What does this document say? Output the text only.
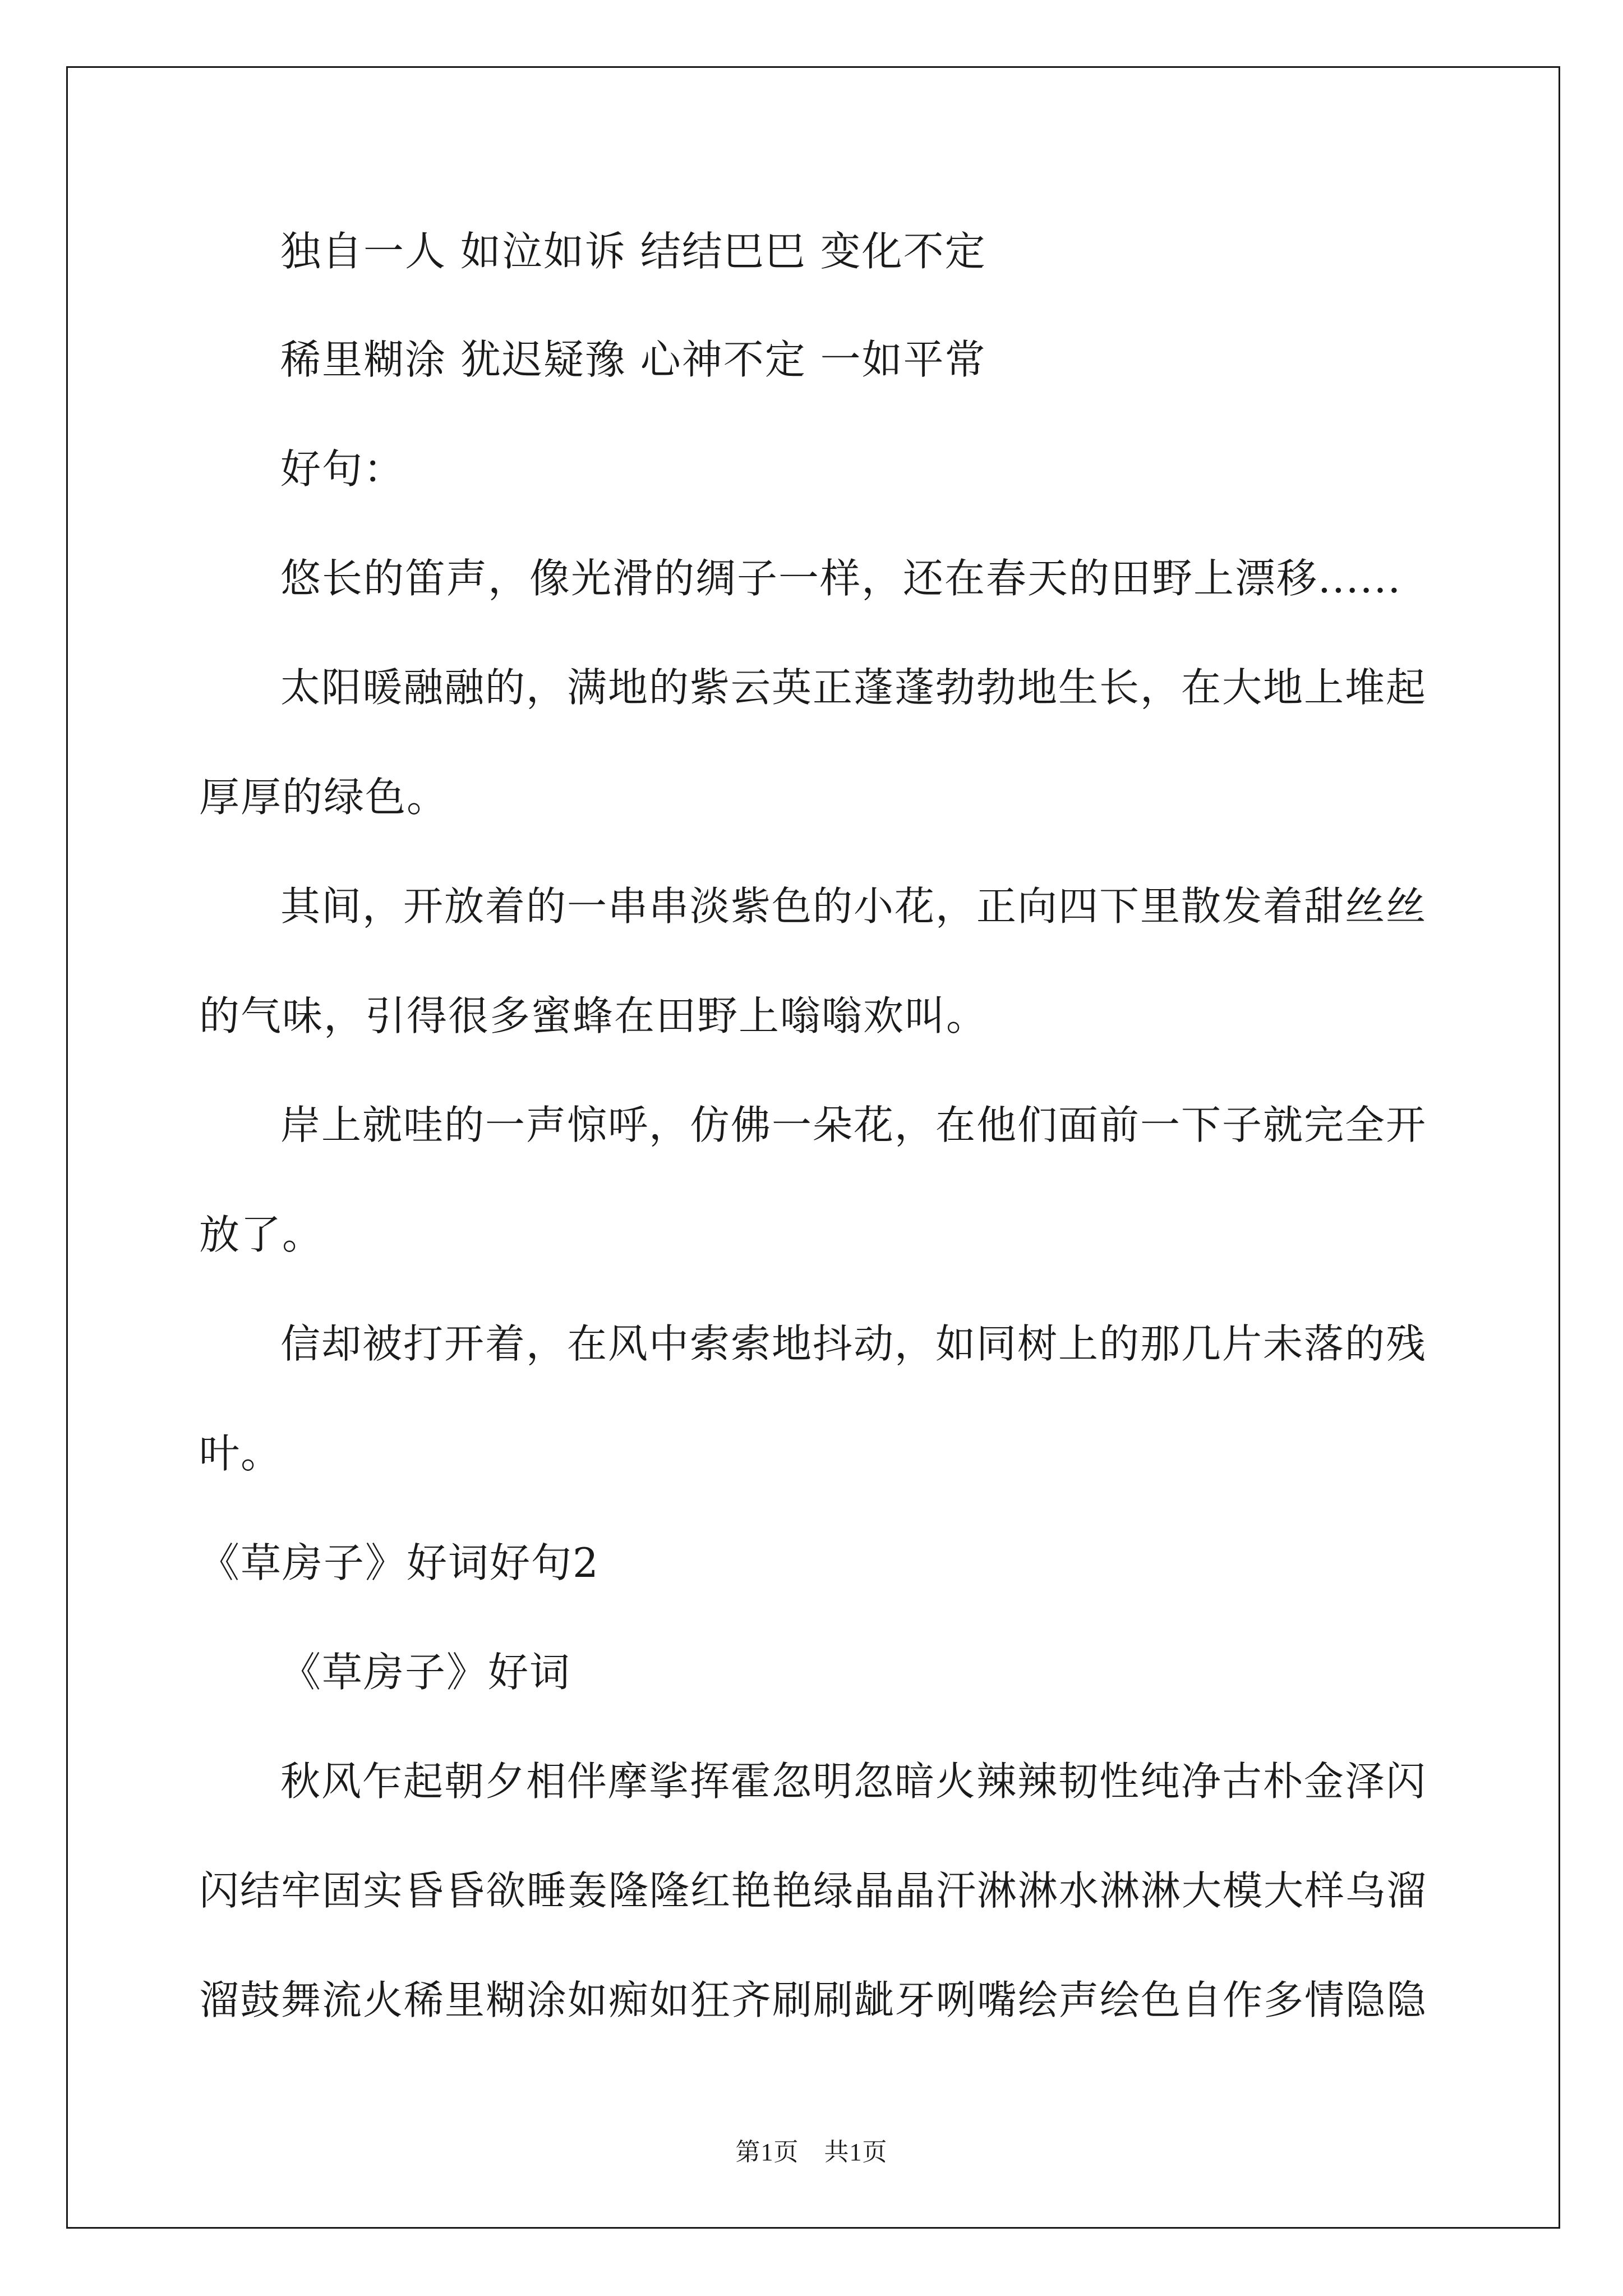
独自一人 如泣如诉 结结巴巴 变化不定
稀里糊涂 犹迟疑豫 心神不定 一如平常
好句：
悠长的笛声，像光滑的绸子一样，还在春天的田野上漂移......
太阳暖融融的，满地的紫云英正蓬蓬勃勃地生长，在大地上堆起
厚厚的绿色。
其间，开放着的一串串淡紫色的小花，正向四下里散发着甜丝丝
的气味，引得很多蜜蜂在田野上嗡嗡欢叫。
岸上就哇的一声惊呼，仿佛一朵花，在他们面前一下子就完全开
放了。
信却被打开着，在风中索索地抖动，如同树上的那几片未落的残
叶。
《草房子》好词好句2
《草房子》好词
秋风乍起朝夕相伴摩挲挥霍忽明忽暗火辣辣韧性纯净古朴金泽闪
闪结牢固实昏昏欲睡轰隆隆红艳艳绿晶晶汗淋淋水淋淋大模大样乌溜
溜鼓舞流火稀里糊涂如痴如狂齐刷刷龇牙咧嘴绘声绘色自作多情隐隐
第1页　共1页
